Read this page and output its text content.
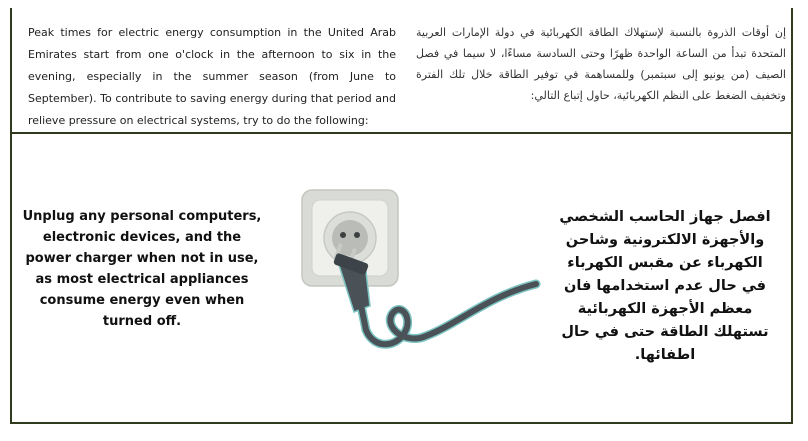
Peak times for electric energy consumption in the United Arab Emirates start from one o'clock in the afternoon to six in the evening, especially in the summer season (from June to September). To contribute to saving energy during that period and relieve pressure on electrical systems, try to do the following:
إن أوقات الذروة بالنسبة لإستهلاك الطاقة الكهربائية في دولة الإمارات العربية المتحدة تبدأ من الساعة الواحدة ظهرًا وحتى السادسة مساءًا، لا سيما في فصل الصيف (من يونيو إلى سبتمبر) وللمساهمة في توفير الطاقة خلال تلك الفترة وتخفيف الضغط على النظم الكهربائية، حاول إتباع التالي:
Unplug any personal computers, electronic devices, and the power charger when not in use, as most electrical appliances consume energy even when turned off.
افصل جهاز الحاسب الشخصي والأجهزة الالكترونية وشاحن الكهرباء عن مقبس الكهرباء في حال عدم استخدامها فان معظم الأجهزة الكهربائية تستهلك الطاقة حتى في حال اطفائها.
